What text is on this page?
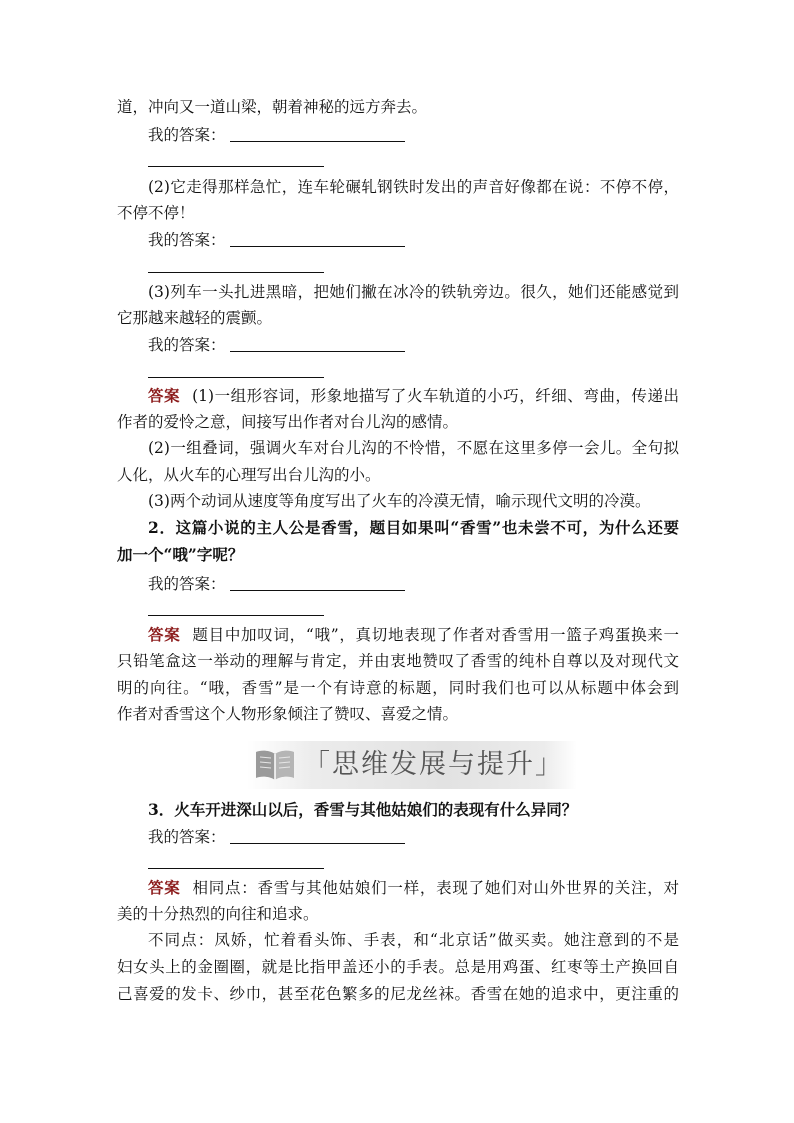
道，冲向又一道山梁，朝着神秘的远方奔去。
我的答案：
(2)它走得那样急忙，连车轮碾轧钢铁时发出的声音好像都在说：不停不停，
不停不停！
我的答案：
(3)列车一头扎进黑暗，把她们撇在冰冷的铁轨旁边。很久，她们还能感觉到
它那越来越轻的震颤。
我的答案：
答案 (1)一组形容词，形象地描写了火车轨道的小巧，纤细、弯曲，传递出
作者的爱怜之意，间接写出作者对台儿沟的感情。
(2)一组叠词，强调火车对台儿沟的不怜惜，不愿在这里多停一会儿。全句拟
人化，从火车的心理写出台儿沟的小。
(3)两个动词从速度等角度写出了火车的冷漠无情，喻示现代文明的冷漠。
2．这篇小说的主人公是香雪，题目如果叫“香雪”也未尝不可，为什么还要
加一个“哦”字呢？
我的答案：
答案 题目中加叹词，“哦”，真切地表现了作者对香雪用一篮子鸡蛋换来一
只铅笔盒这一举动的理解与肯定，并由衷地赞叹了香雪的纯朴自尊以及对现代文
明的向往。“哦，香雪”是一个有诗意的标题，同时我们也可以从标题中体会到
作者对香雪这个人物形象倾注了赞叹、喜爱之情。
「思维发展与提升」
3．火车开进深山以后，香雪与其他姑娘们的表现有什么异同？
我的答案：
答案 相同点：香雪与其他姑娘们一样，表现了她们对山外世界的关注，对
美的十分热烈的向往和追求。
不同点：凤娇，忙着看头饰、手表，和“北京话”做买卖。她注意到的不是
妇女头上的金圈圈，就是比指甲盖还小的手表。总是用鸡蛋、红枣等土产换回自
己喜爱的发卡、纱巾，甚至花色繁多的尼龙丝袜。香雪在她的追求中，更注重的
